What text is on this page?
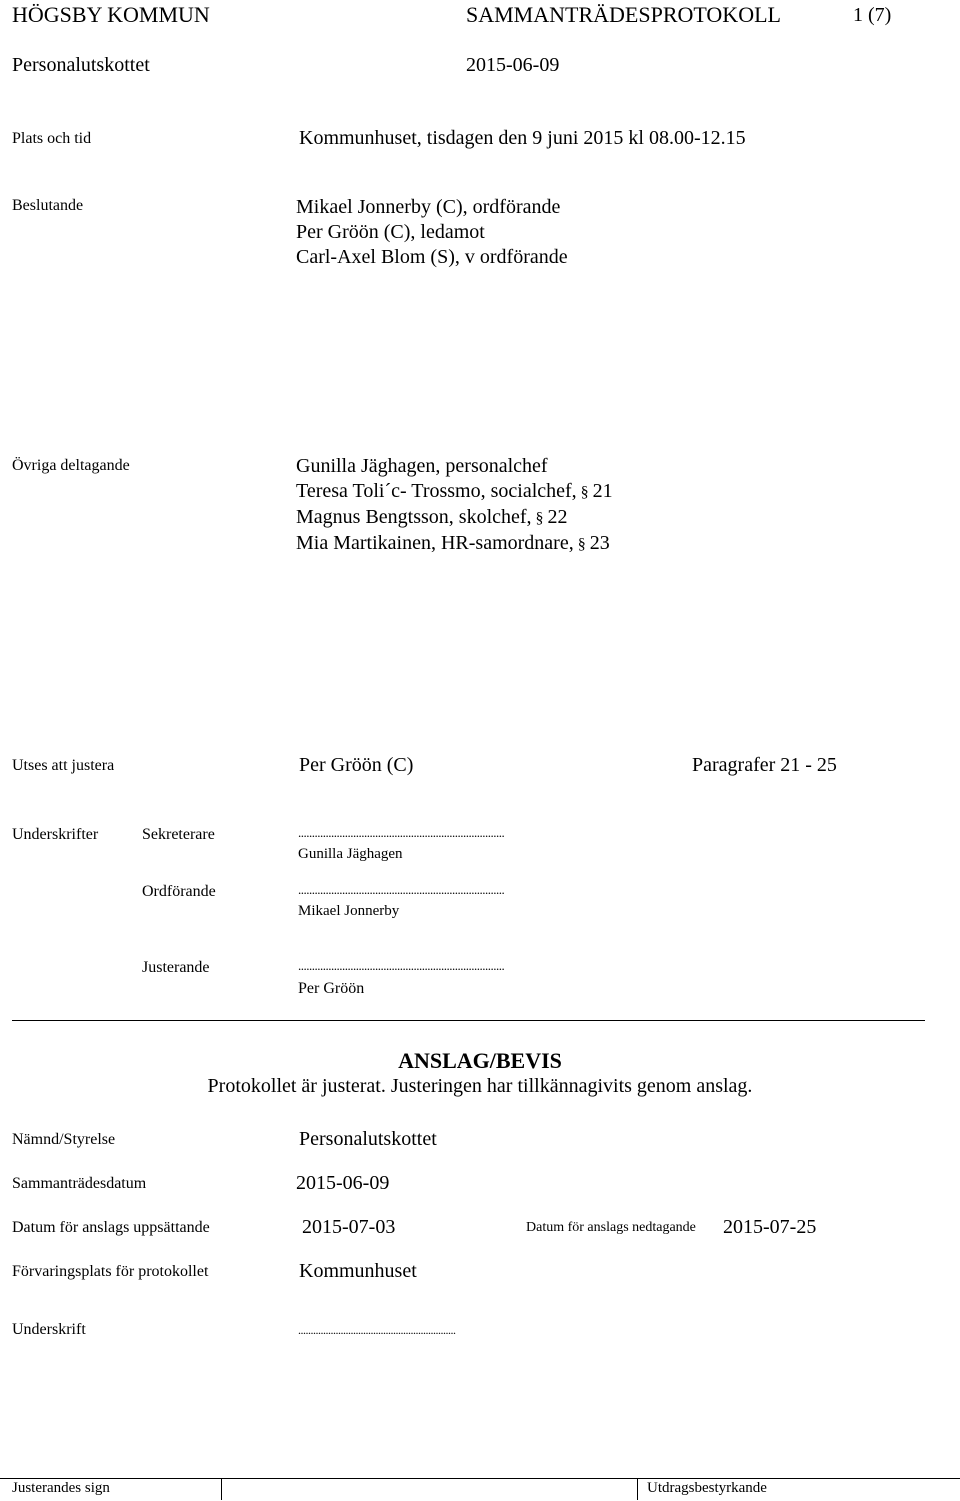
HÖGSBY KOMMUN	SAMMANTRÄDESPROTOKOLL	1 (7)
Personalutskottet	2015-06-09
Plats och tid	Kommunhuset, tisdagen den 9 juni 2015 kl 08.00-12.15
Beslutande	Mikael Jonnerby (C), ordförande
Per Gröön (C), ledamot
Carl-Axel Blom (S), v ordförande
Övriga deltagande	Gunilla Jäghagen, personalchef
Teresa Toli´c- Trossmo, socialchef, § 21
Magnus Bengtsson, skolchef, § 22
Mia Martikainen, HR-samordnare, § 23
Utses att justera	Per Gröön (C)	Paragrafer 21 - 25
Underskrifter	Sekreterare	...........................................................................
Gunilla Jäghagen
Ordförande	...........................................................................
Mikael Jonnerby
Justerande	...........................................................................
Per Gröön
ANSLAG/BEVIS
Protokollet är justerat. Justeringen har tillkännagivits genom anslag.
Nämnd/Styrelse	Personalutskottet
Sammanträdesdatum	2015-06-09
Datum för anslags uppsättande	2015-07-03	Datum för anslags nedtagande 2015-07-25
Förvaringsplats för protokollet	Kommunhuset
Underskrift	...............................................................
Justerandes sign	Utdragsbestyrkande
